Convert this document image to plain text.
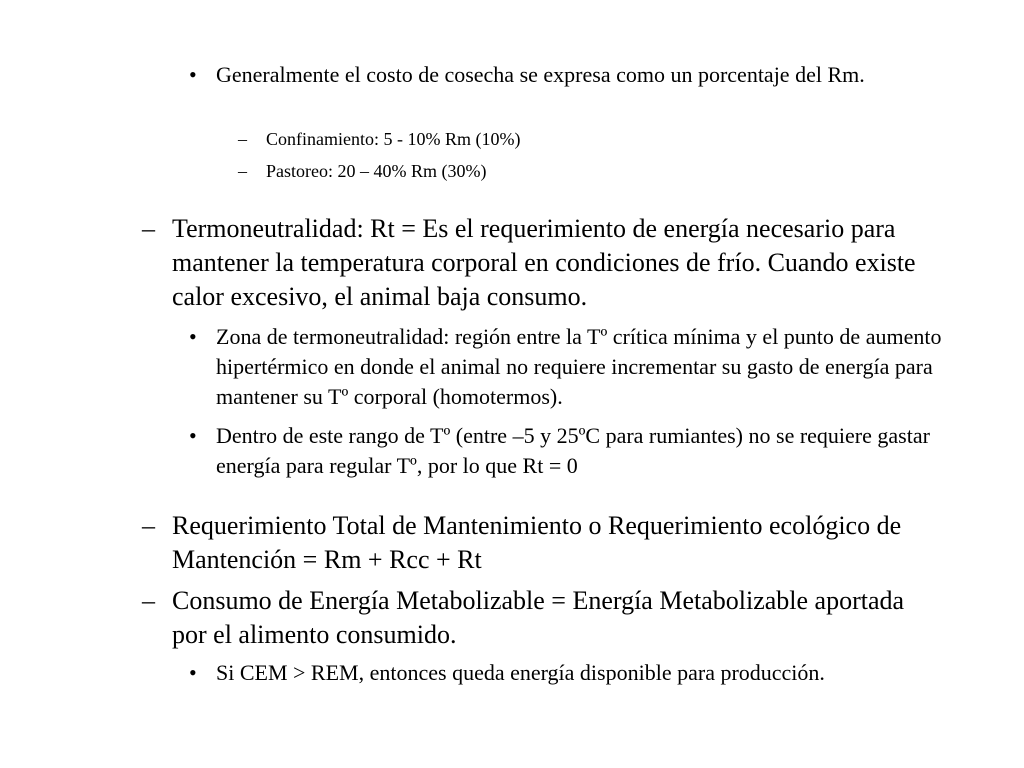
• Generalmente el costo de cosecha se expresa como un porcentaje del Rm.
– Confinamiento: 5 - 10% Rm (10%)
– Pastoreo: 20 – 40% Rm (30%)
– Termoneutralidad: Rt = Es el requerimiento de energía necesario para mantener la temperatura corporal en condiciones de frío. Cuando existe calor excesivo, el animal baja consumo.
• Zona de termoneutralidad: región entre la Tº crítica mínima y el punto de aumento hipertérmico en donde el animal no requiere incrementar su gasto de energía para mantener su Tº corporal (homotermos).
• Dentro de este rango de Tº (entre –5 y 25ºC para rumiantes) no se requiere gastar energía para regular Tº, por lo que Rt = 0
– Requerimiento Total de Mantenimiento o Requerimiento ecológico de Mantención = Rm + Rcc + Rt
– Consumo de Energía Metabolizable = Energía Metabolizable aportada por el alimento consumido.
• Si CEM > REM, entonces queda energía disponible para producción.
